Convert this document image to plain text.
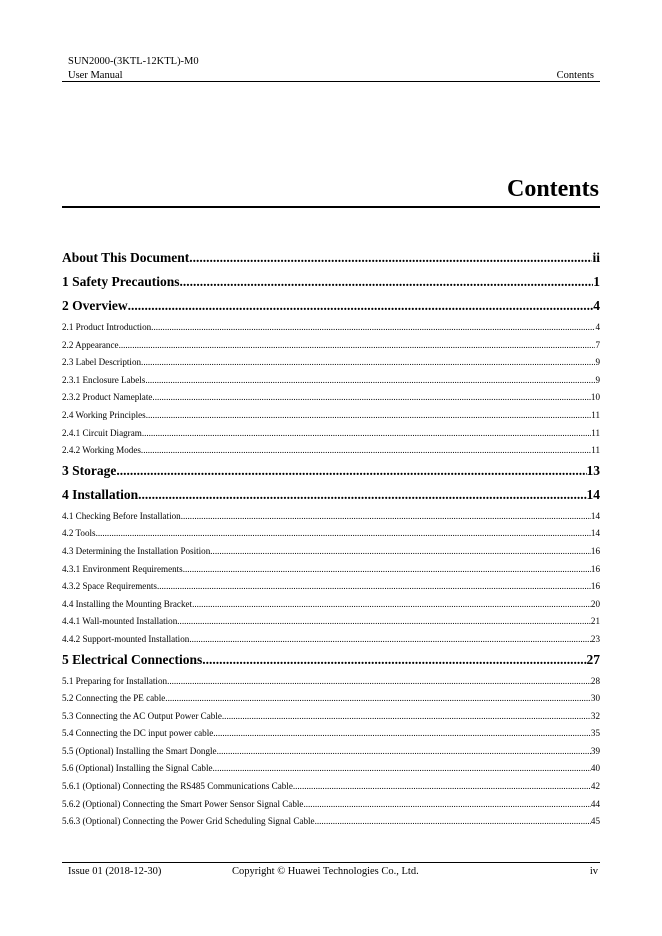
SUN2000-(3KTL-12KTL)-M0
User Manual	Contents
Contents
About This Document .....	ii
1 Safety Precautions .....	1
2 Overview .....	4
2.1 Product Introduction .....	4
2.2 Appearance .....	7
2.3 Label Description .....	9
2.3.1 Enclosure Labels .....	9
2.3.2 Product Nameplate .....	10
2.4 Working Principles .....	11
2.4.1 Circuit Diagram .....	11
2.4.2 Working Modes .....	11
3 Storage .....	13
4 Installation .....	14
4.1 Checking Before Installation .....	14
4.2 Tools .....	14
4.3 Determining the Installation Position .....	16
4.3.1 Environment Requirements .....	16
4.3.2 Space Requirements .....	16
4.4 Installing the Mounting Bracket .....	20
4.4.1 Wall-mounted Installation .....	21
4.4.2 Support-mounted Installation .....	23
5 Electrical Connections .....	27
5.1 Preparing for Installation .....	28
5.2 Connecting the PE cable .....	30
5.3 Connecting the AC Output Power Cable .....	32
5.4 Connecting the DC input power cable .....	35
5.5 (Optional) Installing the Smart Dongle .....	39
5.6 (Optional) Installing the Signal Cable .....	40
5.6.1 (Optional) Connecting the RS485 Communications Cable .....	42
5.6.2 (Optional) Connecting the Smart Power Sensor Signal Cable .....	44
5.6.3 (Optional) Connecting the Power Grid Scheduling Signal Cable .....	45
Issue 01 (2018-12-30)	Copyright © Huawei Technologies Co., Ltd.	iv
